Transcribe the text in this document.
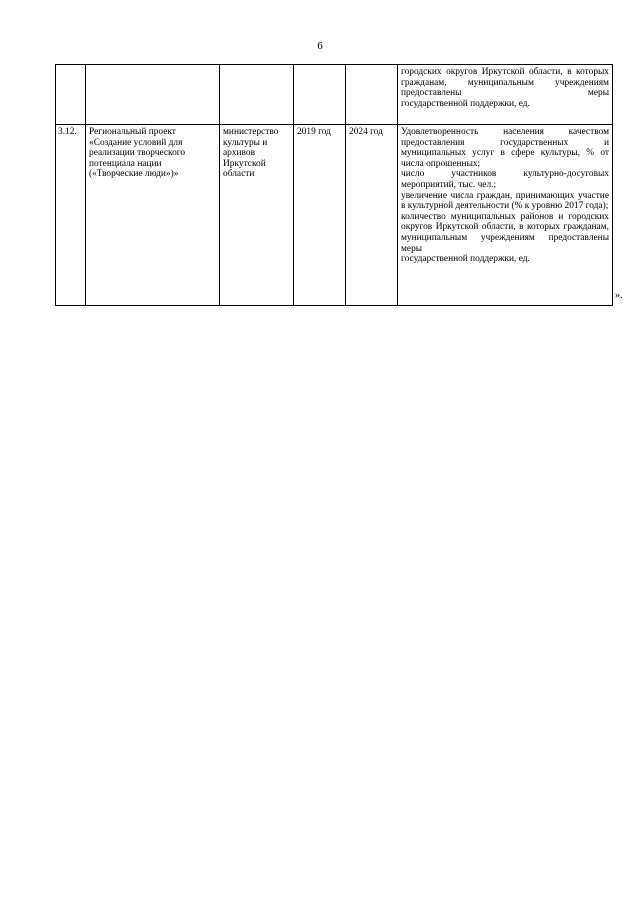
6

					городских округов Иркутской области, в которых гражданам, муниципальным учреждениям предоставлены меры
государственной поддержки, ед.

3.12.	Региональный проект «Создание условий для реализации творческого потенциала нации («Творческие люди»)»	министерство культуры и архивов Иркутской области	2019 год	2024 год	Удовлетворенность населения качеством предоставления государственных и муниципальных услуг в сфере культуры, % от числа опрошенных;
число участников культурно-досуговых мероприятий, тыс. чел.;
увеличение числа граждан, принимающих участие в культурной деятельности (% к уровню 2017 года);
количество муниципальных районов и городских округов Иркутской области, в которых гражданам, муниципальным учреждениям предоставлены меры
государственной поддержки, ед.
».
